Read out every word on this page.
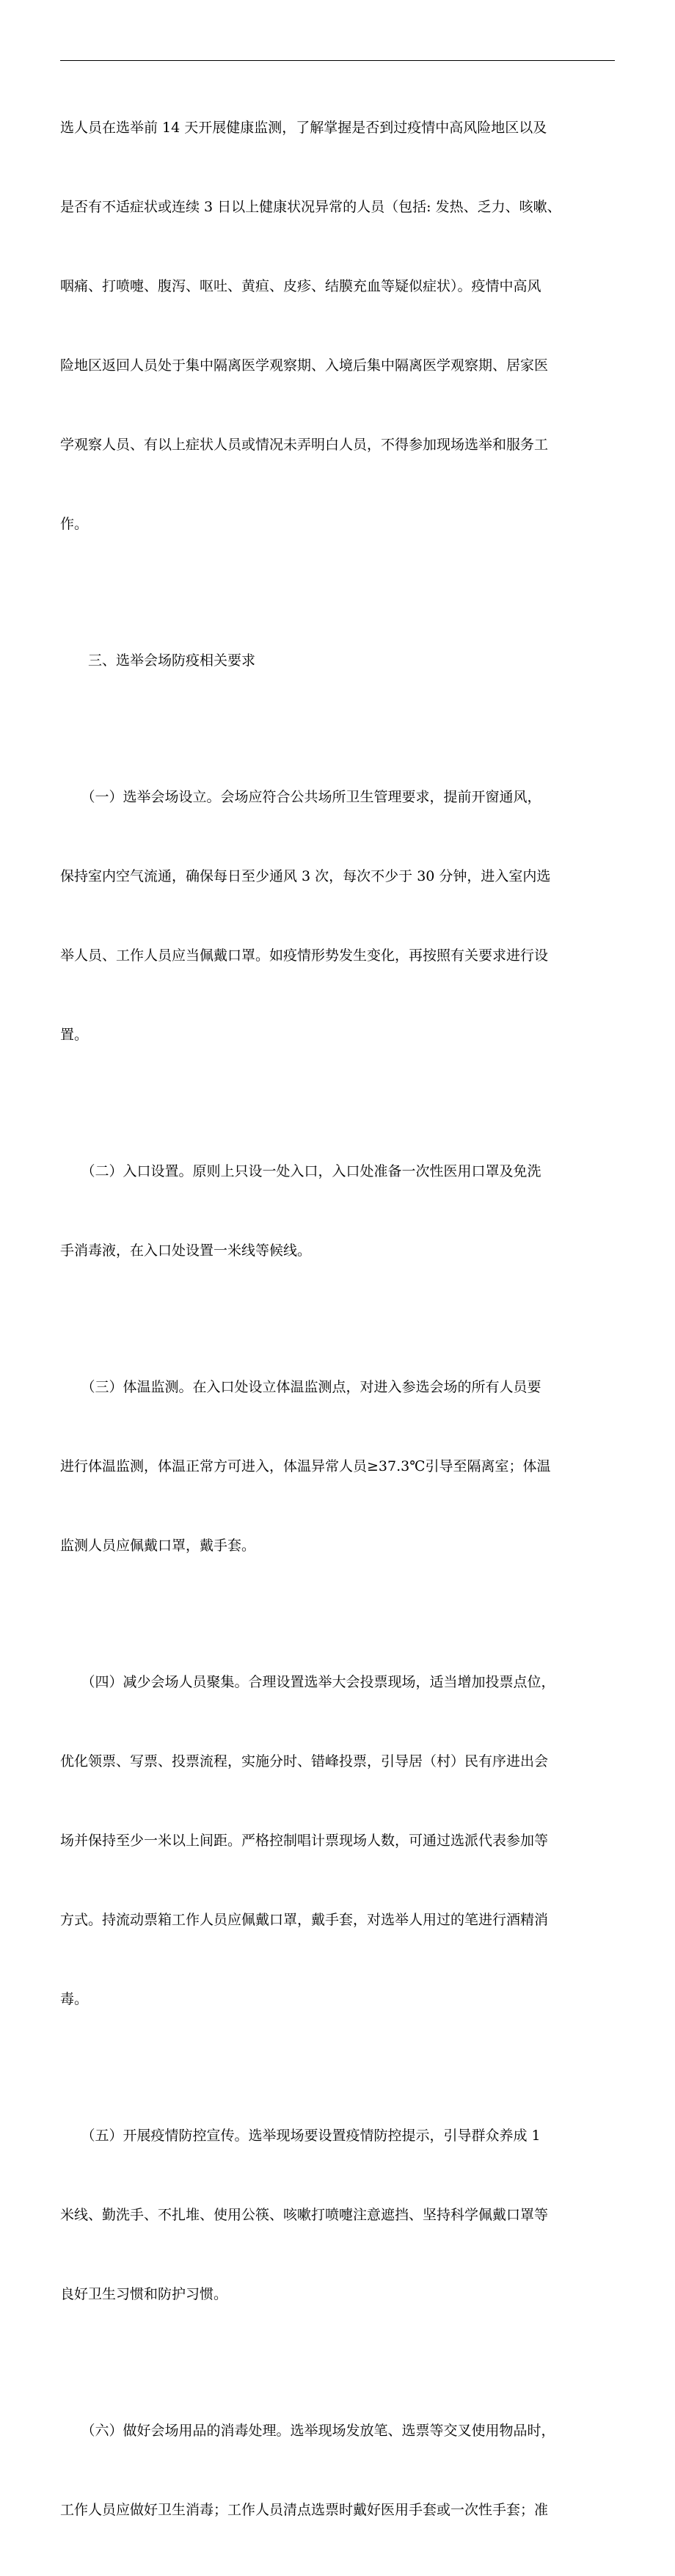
选人员在选举前 14 天开展健康监测，了解掌握是否到过疫情中高风险地区以及

是否有不适症状或连续 3 日以上健康状况异常的人员（包括: 发热、乏力、咳嗽、

咽痛、打喷嚏、腹泻、呕吐、黄疸、皮疹、结膜充血等疑似症状）。疫情中高风

险地区返回人员处于集中隔离医学观察期、入境后集中隔离医学观察期、居家医

学观察人员、有以上症状人员或情况未弄明白人员，不得参加现场选举和服务工

作。

　　三、选举会场防疫相关要求

　　（一）选举会场设立。会场应符合公共场所卫生管理要求，提前开窗通风，

保持室内空气流通，确保每日至少通风 3 次，每次不少于 30 分钟，进入室内选

举人员、工作人员应当佩戴口罩。如疫情形势发生变化，再按照有关要求进行设

置。

　　（二）入口设置。原则上只设一处入口，入口处准备一次性医用口罩及免洗

手消毒液，在入口处设置一米线等候线。

　　（三）体温监测。在入口处设立体温监测点，对进入参选会场的所有人员要

进行体温监测，体温正常方可进入，体温异常人员≥37.3℃引导至隔离室；体温

监测人员应佩戴口罩，戴手套。

　　（四）减少会场人员聚集。合理设置选举大会投票现场，适当增加投票点位，

优化领票、写票、投票流程，实施分时、错峰投票，引导居（村）民有序进出会

场并保持至少一米以上间距。严格控制唱计票现场人数，可通过选派代表参加等

方式。持流动票箱工作人员应佩戴口罩，戴手套，对选举人用过的笔进行酒精消

毒。

　　（五）开展疫情防控宣传。选举现场要设置疫情防控提示，引导群众养成 1

米线、勤洗手、不扎堆、使用公筷、咳嗽打喷嚏注意遮挡、坚持科学佩戴口罩等

良好卫生习惯和防护习惯。

　　（六）做好会场用品的消毒处理。选举现场发放笔、选票等交叉使用物品时，

工作人员应做好卫生消毒；工作人员清点选票时戴好医用手套或一次性手套；准
